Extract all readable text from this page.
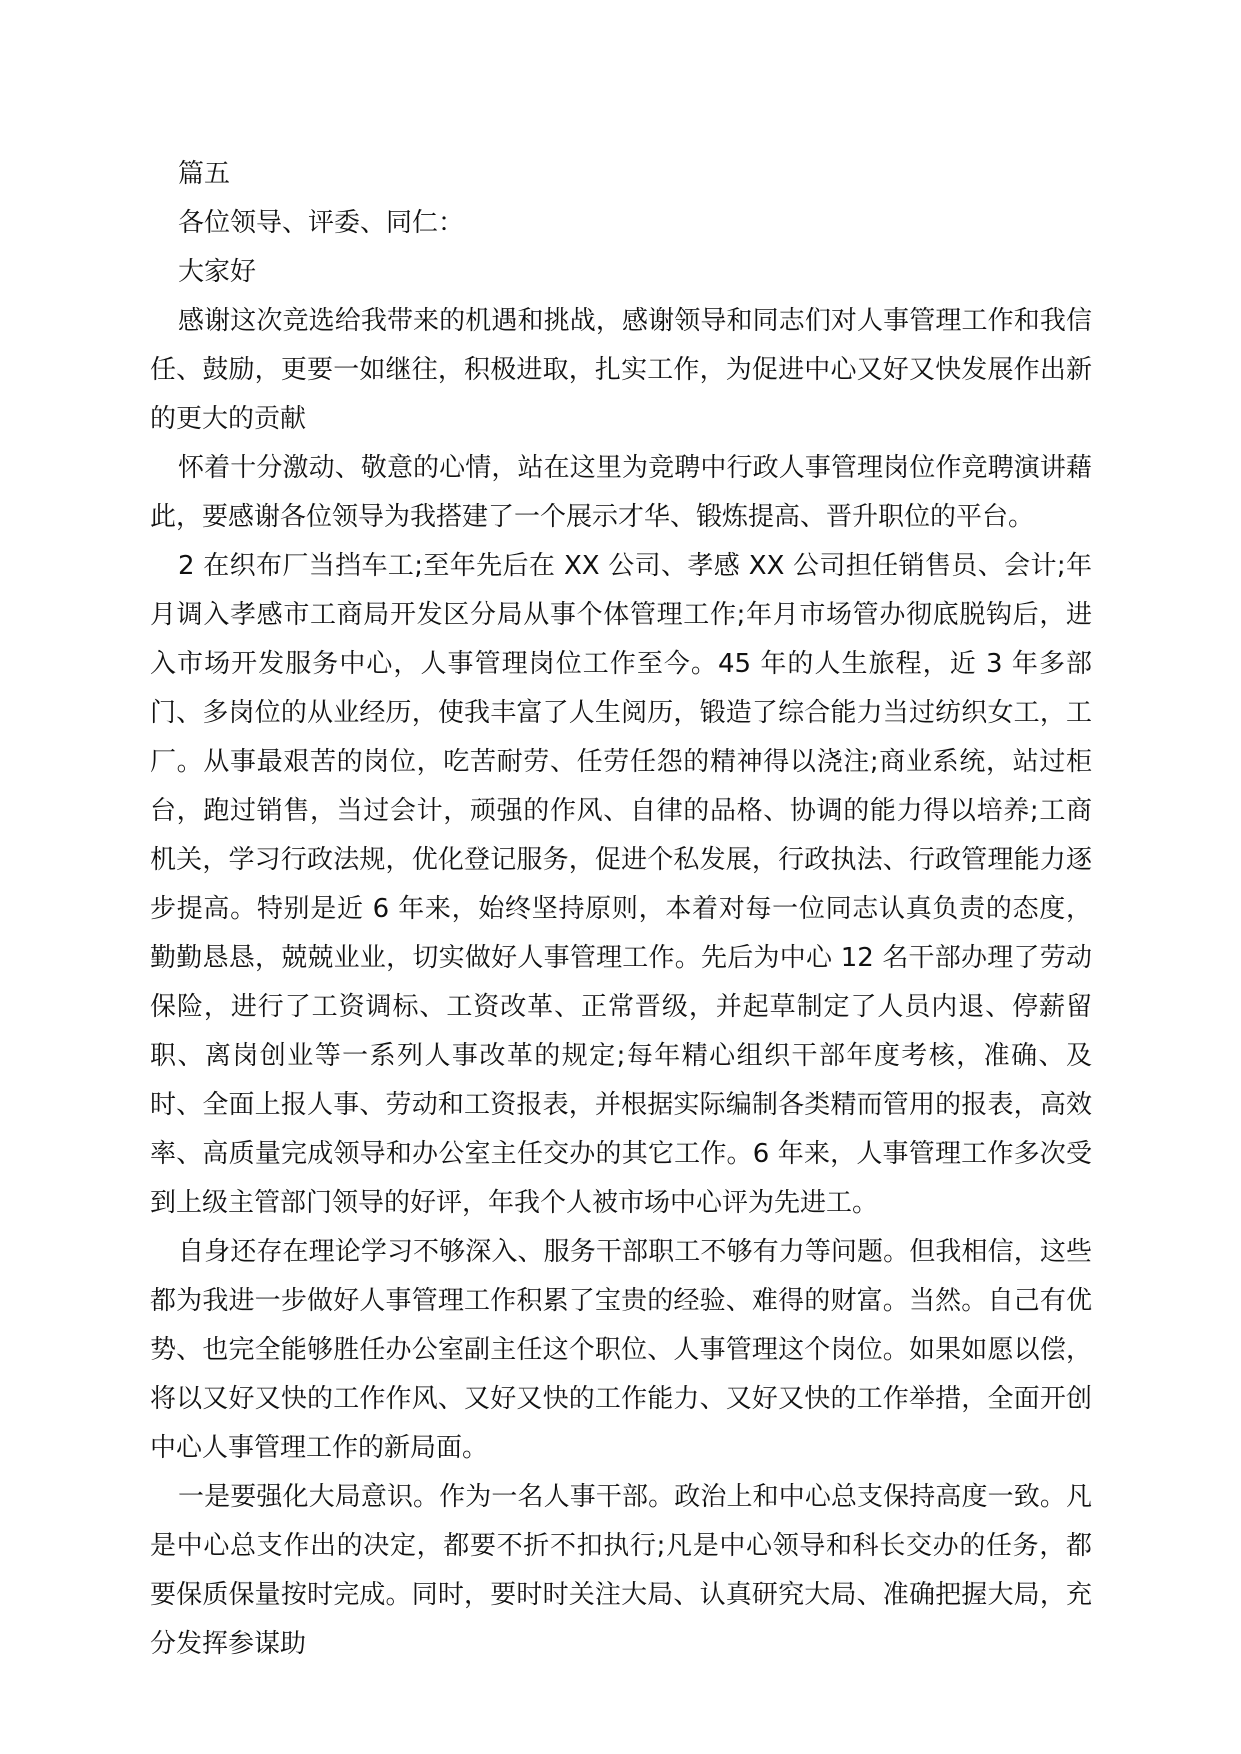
篇五
各位领导、评委、同仁：
大家好

感谢这次竞选给我带来的机遇和挑战，感谢领导和同志们对人事管理工作和我信任、鼓励，更要一如继往，积极进取，扎实工作，为促进中心又好又快发展作出新的更大的贡献

怀着十分激动、敬意的心情，站在这里为竞聘中行政人事管理岗位作竞聘演讲藉此，要感谢各位领导为我搭建了一个展示才华、锻炼提高、晋升职位的平台。

2 在织布厂当挡车工;至年先后在 XX 公司、孝感 XX 公司担任销售员、会计;年月调入孝感市工商局开发区分局从事个体管理工作;年月市场管办彻底脱钩后，进入市场开发服务中心，人事管理岗位工作至今。45 年的人生旅程，近 3 年多部门、多岗位的从业经历，使我丰富了人生阅历，锻造了综合能力当过纺织女工，工厂。从事最艰苦的岗位，吃苦耐劳、任劳任怨的精神得以浇注;商业系统，站过柜台，跑过销售，当过会计，顽强的作风、自律的品格、协调的能力得以培养;工商机关，学习行政法规，优化登记服务，促进个私发展，行政执法、行政管理能力逐步提高。特别是近 6 年来，始终坚持原则，本着对每一位同志认真负责的态度，勤勤恳恳，兢兢业业，切实做好人事管理工作。先后为中心 12 名干部办理了劳动保险，进行了工资调标、工资改革、正常晋级，并起草制定了人员内退、停薪留职、离岗创业等一系列人事改革的规定;每年精心组织干部年度考核，准确、及时、全面上报人事、劳动和工资报表，并根据实际编制各类精而管用的报表，高效率、高质量完成领导和办公室主任交办的其它工作。6 年来，人事管理工作多次受到上级主管部门领导的好评，年我个人被市场中心评为先进工。

自身还存在理论学习不够深入、服务干部职工不够有力等问题。但我相信，这些都为我进一步做好人事管理工作积累了宝贵的经验、难得的财富。当然。自己有优势、也完全能够胜任办公室副主任这个职位、人事管理这个岗位。如果如愿以偿，将以又好又快的工作作风、又好又快的工作能力、又好又快的工作举措，全面开创中心人事管理工作的新局面。

一是要强化大局意识。作为一名人事干部。政治上和中心总支保持高度一致。凡是中心总支作出的决定，都要不折不扣执行;凡是中心领导和科长交办的任务，都要保质保量按时完成。同时，要时时关注大局、认真研究大局、准确把握大局，充分发挥参谋助
